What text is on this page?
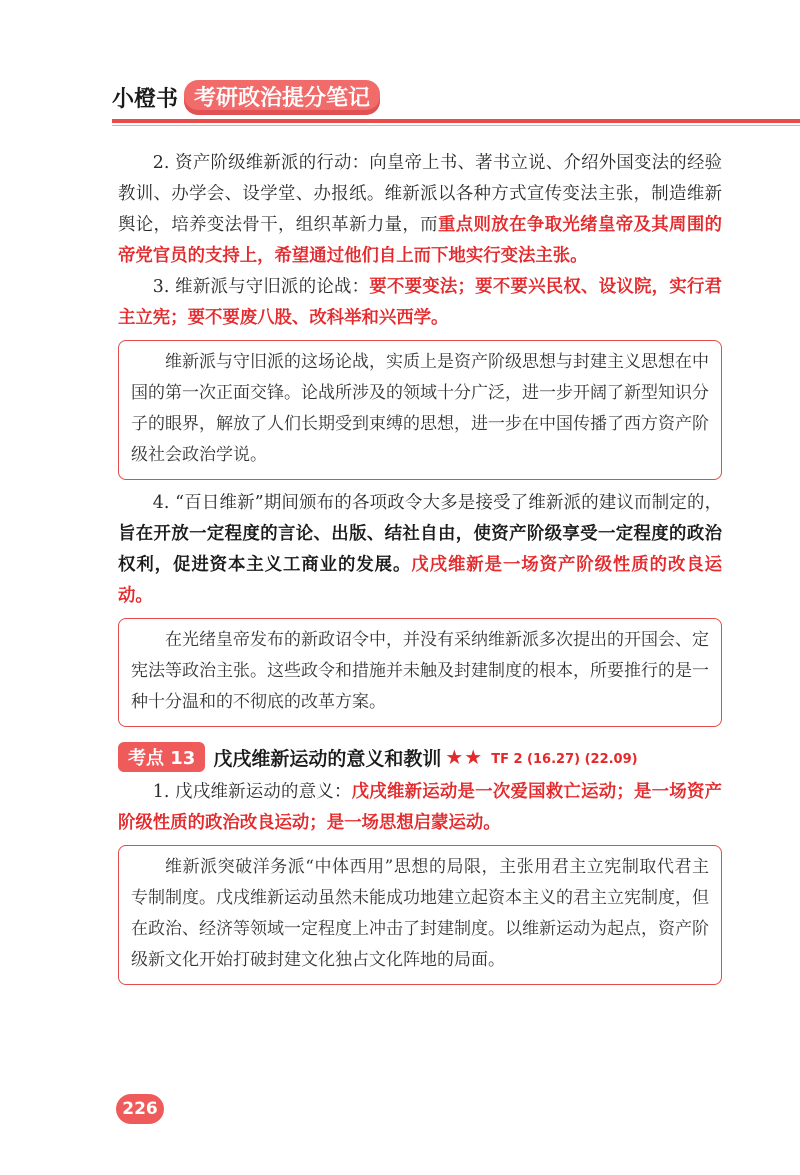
小橙书 考研政治提分笔记

2. 资产阶级维新派的行动：向皇帝上书、著书立说、介绍外国变法的经验教训、办学会、设学堂、办报纸。维新派以各种方式宣传变法主张，制造维新舆论，培养变法骨干，组织革新力量，而重点则放在争取光绪皇帝及其周围的帝党官员的支持上，希望通过他们自上而下地实行变法主张。

3. 维新派与守旧派的论战：要不要变法；要不要兴民权、设议院，实行君主立宪；要不要废八股、改科举和兴西学。

维新派与守旧派的这场论战，实质上是资产阶级思想与封建主义思想在中国的第一次正面交锋。论战所涉及的领域十分广泛，进一步开阔了新型知识分子的眼界，解放了人们长期受到束缚的思想，进一步在中国传播了西方资产阶级社会政治学说。

4. “百日维新”期间颁布的各项政令大多是接受了维新派的建议而制定的，旨在开放一定程度的言论、出版、结社自由，使资产阶级享受一定程度的政治权利，促进资本主义工商业的发展。戊戌维新是一场资产阶级性质的改良运动。

在光绪皇帝发布的新政诏令中，并没有采纳维新派多次提出的开国会、定宪法等政治主张。这些政令和措施并未触及封建制度的根本，所要推行的是一种十分温和的不彻底的改革方案。

考点 13 戊戌维新运动的意义和教训 ★★ TF 2 (16.27) (22.09)

1. 戊戌维新运动的意义：戊戌维新运动是一次爱国救亡运动；是一场资产阶级性质的政治改良运动；是一场思想启蒙运动。

维新派突破洋务派“中体西用”思想的局限，主张用君主立宪制取代君主专制制度。戊戌维新运动虽然未能成功地建立起资本主义的君主立宪制度，但在政治、经济等领域一定程度上冲击了封建制度。以维新运动为起点，资产阶级新文化开始打破封建文化独占文化阵地的局面。

226
